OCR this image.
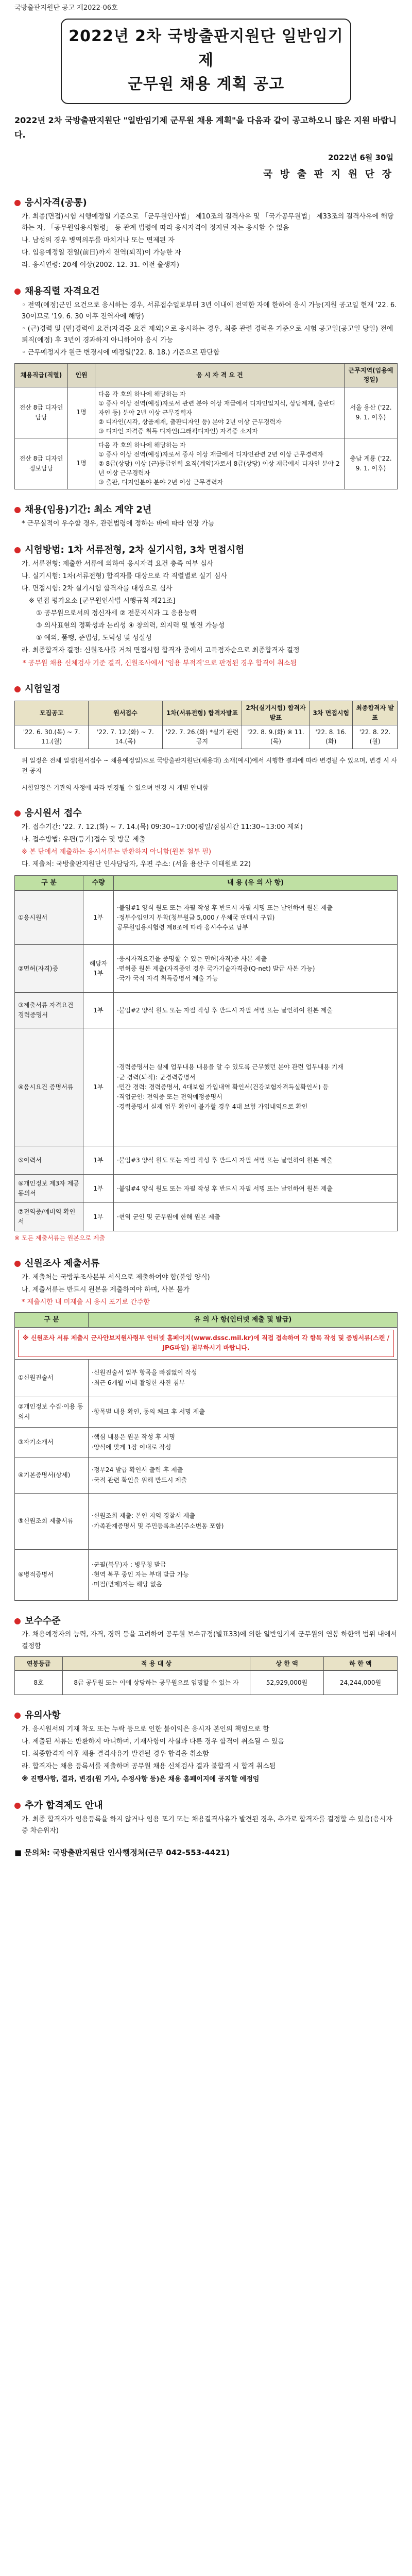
국방출판지원단 공고 제2022-06호
2022년 2차 국방출판지원단 일반임기제
군무원 채용 계획 공고
2022년 2차 국방출판지원단 "일반임기제 군무원 채용 계획"을 다음과 같이 공고하오니 많은 지원 바랍니다.
2022년 6월 30일
국 방 출 판 지 원 단 장
응시자격(공통)

가. 최종(면접)시험 시행예정일 기준으로 「군무원인사법」 제10조의 결격사유 및 「국가공무원법」 제33조의 결격사유에 해당하는 자, 「공무원임용시험령」 등 관계 법령에 따라 응시자격이 정지된 자는 응시할 수 없음

나. 남성의 경우 병역의무를 마치거나 또는 면제된 자

다. 임용예정일 전일(前日)까지 전역(퇴직)이 가능한 자

라. 응시연령: 20세 이상(2002. 12. 31. 이전 출생자)

채용직렬 자격요건

◦ 전역(예정)군인 요건으로 응시하는 경우, 서류접수일로부터 3년 이내에 전역한 자에 한하여 응시 가능(지원 공고일 현재 '22. 6. 30이므로 '19. 6. 30 이후 전역자에 해당)

◦ (근)경력 및 (민)경력에 요건(자격증 요건 제외)으로 응시하는 경우, 최종 관련 경력을 기준으로 시험 공고일(공고일 당일) 전에 퇴직(예정) 후 3년이 경과하지 아니하여야 응시 가능

◦ 근무예정지가 원근 변경시에 예정일('22. 8. 18.) 기준으로 판단함

채용직급(직렬)	인원	응 시 자 격 요 건	근무지역(임용예정일)
전산 8급 디자인담당	1명	다음 각 호의 하나에 해당하는 자
① 중사 이상 전역(예정)자로서 관련 분야 이상 재급에서 디자인일지식, 상담제재, 출판디자인 등) 분야 2년 이상 근무경력자
② 디자인(시각, 상품제재, 출판디자인 등) 분야 2년 이상 근무경력자
③ 디자인 자격증 취득 디자인(그래픽디자인) 자격증 소지자	서울 용산 ('22. 9. 1. 이후)
전산 8급 디자인정보담당	1명	다음 각 호의 하나에 해당하는 자
① 중사 이상 전역(예정)자로서 중사 이상 재급에서 디자인관련 2년 이상 근무경력자
② 8급(상당) 이상 (근)등급인력 요직(계약)자로서 8급(상당) 이상 재급에서 디자인 분야 2년 이상 근무경력자
③ 출판, 디지인분야 분야 2년 이상 근무경력자	충남 계룡 ('22. 9. 1. 이후)
채용(임용)기간: 최소 계약 2년

* 근무실적이 우수할 경우, 관련법령에 정하는 바에 따라 연장 가능

시험방법: 1차 서류전형, 2차 실기시험, 3차 면접시험

가. 서류전형: 제출한 서류에 의하여 응시자격 요건 충족 여부 심사

나. 실기시험: 1차(서류전형) 합격자를 대상으로 각 직렬별로 실기 심사

다. 면접시험: 2차 실기시험 합격자를 대상으로 심사

※ 면접 평가요소 [군무원인사법 시행규칙 제21조]

① 공무원으로서의 정신자세 ② 전문지식과 그 응용능력

③ 의사표현의 정확성과 논리성 ④ 창의력, 의지력 및 발전 가능성

⑤ 예의, 품행, 준법성, 도덕성 및 성실성

라. 최종합격자 결정: 신원조사를 거쳐 면접시험 합격자 중에서 고득점자순으로 최종합격자 결정

* 공무원 채용 신체검사 기준 결격, 신원조사에서 '임용 부적격'으로 판정된 경우 합격이 취소됨
시험일정
모집공고	원서접수	1차(서류전형) 합격자발표	2차(실기시험) 합격자발표	3차 면접시험	최종합격자 발표
'22. 6. 30.(목) ~ 7. 11.(월)	'22. 7. 12.(화) ~ 7. 14.(목)	'22. 7. 26.(화) *실기 관련 공지	'22. 8. 9.(화) ※ 11.(목)	'22. 8. 16.(화)	'22. 8. 22.(월)

위 일정은 전체 일정(원서접수 ~ 채용예정일)으로 국방출판지원단(채용대) 소재(예시)에서 시행한 결과에 따라 변경될 수 있으며, 변경 시 사전 공지

시험일정은 기관의 사정에 따라 변경될 수 있으며 변경 시 개별 안내함

응시원서 접수

가. 접수기간: '22. 7. 12.(화) ~ 7. 14.(목) 09:30~17:00(평일/점심시간 11:30~13:00 제외)

나. 접수방법: 우편(등기)접수 및 방문 제출

※ 본 단에서 제출하는 응시서류는 반환하지 아니함(원본 첨부 필)

다. 제출처: 국방출판지원단 인사담당자, 우편 주소: (서울 용산구 이태원로 22)

구 분	수량	내 용 (유 의 사 항)
①응시원서	1부	·붙임#1 양식 원도 또는 자필 작성 후 반드시 자필 서명 또는 날인하여 원본 제출
·정부수입인지 부착(청부원금 5,000 / 우체국 판매시 구입)
공무원임용시험령 제8조에 따라 응시수수료 납부
②면허(자격)증	해당자 1부	·응시자격요건을 증명할 수 있는 면허(자격)증 사본 제출
·면허증 원본 제출(자격증인 경우 국가기술자격증(Q-net) 발급 사본 가능)
·국가 국적 자격 취득증명서 제출 가능
③제출서류 자격요건 경력증명서	1부	·붙임#2 양식 원도 또는 자필 작성 후 반드시 자필 서명 또는 날인하여 원본 제출
④응시요건 증명서류	1부	·경력증명서는 실제 업무내용 내용을 알 수 있도록 근무했던 분야 관련 업무내용 기재
·군 경력(퇴직): 군경력증명서
·민간 경력: 경력증명서, 4대보험 가입내역 확인서(건강보험자격득실확인서) 등
·직업군인: 전역증 또는 전역예정증명서
·경력증명서 실제 업무 확인이 불가할 경우 4대 보험 가입내역으로 확인
⑤이력서	1부	·붙임#3 양식 원도 또는 자필 작성 후 반드시 자필 서명 또는 날인하여 원본 제출
⑥개인정보 제3자 제공 동의서	1부	·붙임#4 양식 원도 또는 자필 작성 후 반드시 자필 서명 또는 날인하여 원본 제출
⑦전역증/예비역 확인서	1부	·현역 군인 및 군무원에 한해 원본 제출
※ 모든 제출서류는 원본으로 제출
신원조사 제출서류

가. 제출처는 국방부조사본부 서식으로 제출하여야 함(붙임 양식)

나. 제출서류는 반드시 원본을 제출하여야 하며, 사본 불가

* 제출시한 내 미제출 시 응시 포기로 간주함

구 분	유 의 사 항(인터넷 제출 및 발급)

※ 신원조사 서류 제출시 군사안보지원사령부 인터넷 홈페이지(www.dssc.mil.kr)에 직접 접속하여 각 항목 작성 및 증빙서류(스캔 / JPG파일) 첨부하시기 바랍니다.	

①신원진술서	·신원진술서 일부 항목을 빠짐없이 작성
·최근 6개월 이내 촬영한 사진 첨부
②개인정보 수집·이용 동의서	·항목별 내용 확인, 동의 체크 후 서명 제출
③자기소개서	·핵심 내용은 원문 작성 후 서명
·양식에 맞게 1장 이내로 작성
④기본증명서(상세)	·정부24 발급 확인서 출력 후 제출
·국적 관련 확인을 위해 반드시 제출
⑤신원조회 제출서류	·신원조회 제출: 본인 지역 경찰서 제출
·가족관계증명서 및 주민등록초본(주소변동 포함)
⑥병적증명서	·군필(복무)자 : 병무청 발급
·현역 복무 중인 자는 부대 발급 가능
·미필(면제)자는 해당 없음
보수수준

가. 채용예정자의 능력, 자격, 경력 등을 고려하여 공무원 보수규정(별표33)에 의한 일반임기제 군무원의 연봉 하한액 범위 내에서 결정함

연봉등급	적 용 대 상	상 한 액	하 한 액
8호	8급 공무원 또는 이에 상당하는 공무원으로 임명할 수 있는 자	52,929,000원	24,244,000원
유의사항

가. 응시원서의 기재 착오 또는 누락 등으로 인한 불이익은 응시자 본인의 책임으로 함

나. 제출된 서류는 반환하지 아니하며, 기재사항이 사실과 다른 경우 합격이 취소될 수 있음

다. 최종합격자 이후 채용 결격사유가 발견될 경우 합격을 취소함

라. 합격자는 채용 등록서를 제출하며 공무원 채용 신체검사 결과 불합격 시 합격 취소됨

※ 진행사항, 결과, 변경(원 기사, 수정사항 등)은 채용 홈페이지에 공지할 예정임

추가 합격제도 안내

가. 최종 합격자가 임용등록을 하지 않거나 임용 포기 또는 채용결격사유가 발견된 경우, 추가로 합격자를 결정할 수 있음(응시자 중 차순위자)

■ 문의처: 국방출판지원단 인사행정처(근무 042-553-4421)
